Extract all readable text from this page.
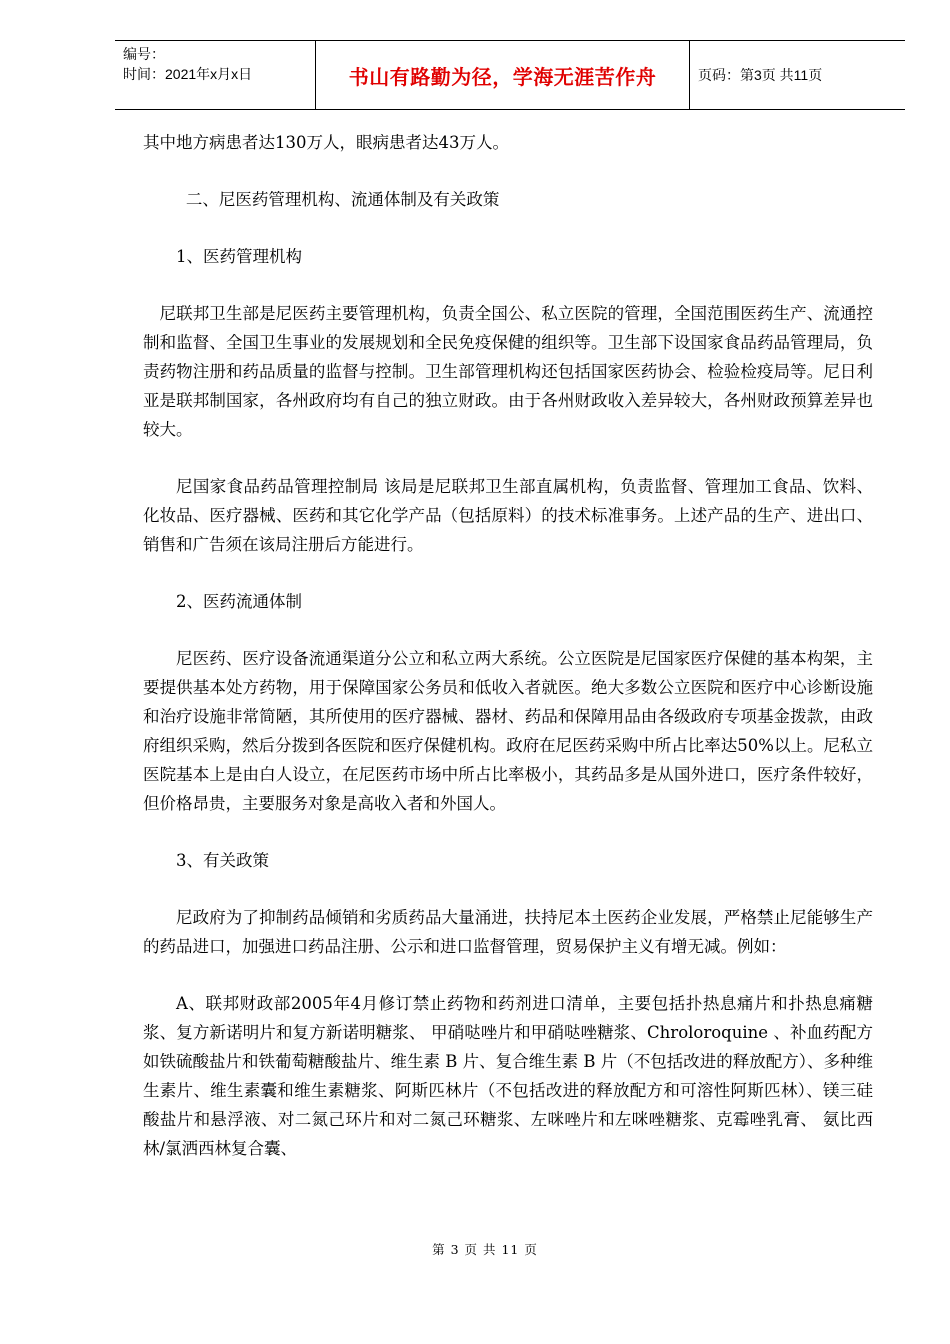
编号：
时间：2021年x月x日	书山有路勤为径，学海无涯苦作舟	页码：第3页 共11页

其中地方病患者达130万人，眼病患者达43万人。

二、尼医药管理机构、流通体制及有关政策

1、医药管理机构

尼联邦卫生部是尼医药主要管理机构，负责全国公、私立医院的管理，全国范围医药生产、流通控制和监督、全国卫生事业的发展规划和全民免疫保健的组织等。卫生部下设国家食品药品管理局，负责药物注册和药品质量的监督与控制。卫生部管理机构还包括国家医药协会、检验检疫局等。尼日利亚是联邦制国家，各州政府均有自己的独立财政。由于各州财政收入差异较大，各州财政预算差异也较大。

尼国家食品药品管理控制局 该局是尼联邦卫生部直属机构，负责监督、管理加工食品、饮料、化妆品、医疗器械、医药和其它化学产品（包括原料）的技术标准事务。上述产品的生产、进出口、销售和广告须在该局注册后方能进行。

2、医药流通体制

尼医药、医疗设备流通渠道分公立和私立两大系统。公立医院是尼国家医疗保健的基本构架，主要提供基本处方药物，用于保障国家公务员和低收入者就医。绝大多数公立医院和医疗中心诊断设施和治疗设施非常简陋，其所使用的医疗器械、器材、药品和保障用品由各级政府专项基金拨款，由政府组织采购，然后分拨到各医院和医疗保健机构。政府在尼医药采购中所占比率达50%以上。尼私立医院基本上是由白人设立，在尼医药市场中所占比率极小，其药品多是从国外进口，医疗条件较好，但价格昂贵，主要服务对象是高收入者和外国人。

3、有关政策

尼政府为了抑制药品倾销和劣质药品大量涌进，扶持尼本土医药企业发展，严格禁止尼能够生产的药品进口，加强进口药品注册、公示和进口监督管理，贸易保护主义有增无减。例如：

A、联邦财政部2005年4月修订禁止药物和药剂进口清单，主要包括扑热息痛片和扑热息痛糖浆、复方新诺明片和复方新诺明糖浆、 甲硝哒唑片和甲硝哒唑糖浆、Chroloroquine 、补血药配方如铁硫酸盐片和铁葡萄糖酸盐片、维生素 B 片、复合维生素 B 片（不包括改进的释放配方）、多种维生素片、维生素囊和维生素糖浆、阿斯匹林片（不包括改进的释放配方和可溶性阿斯匹林）、镁三硅酸盐片和悬浮液、对二氮己环片和对二氮己环糖浆、左咪唑片和左咪唑糖浆、克霉唑乳膏、 氨比西林/氯洒西林复合囊、

第 3 页 共 11 页
